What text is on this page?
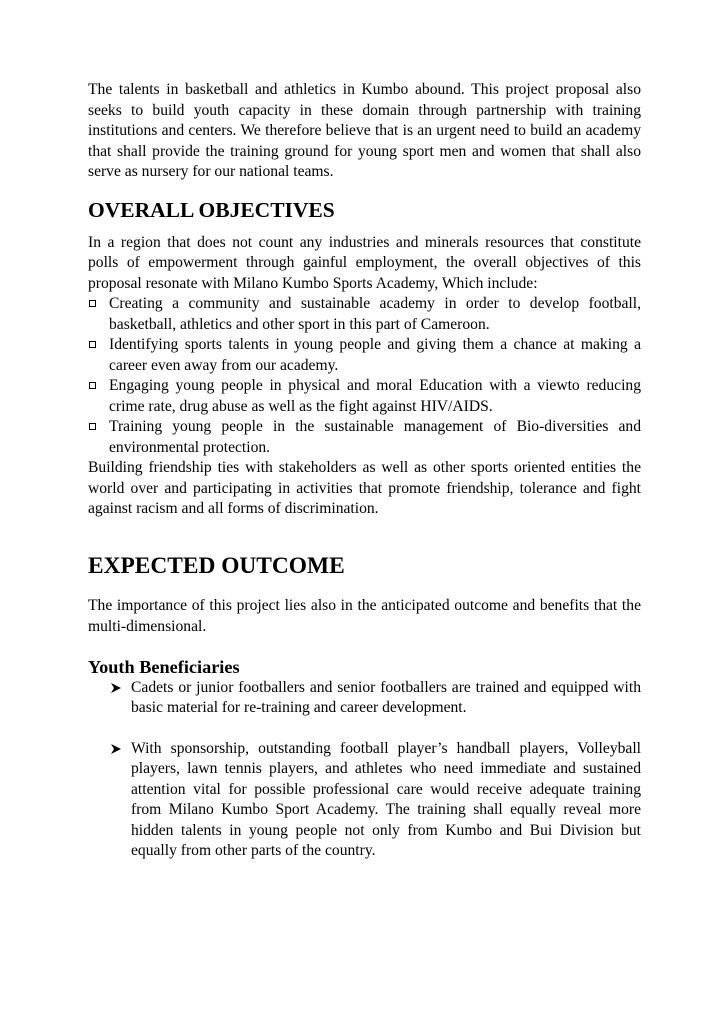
The talents in basketball and athletics in Kumbo abound. This project proposal also seeks to build youth capacity in these domain through partnership with training institutions and centers. We therefore believe that is an urgent need to build an academy that shall provide the training ground for young sport men and women that shall also serve as nursery for our national teams.

OVERALL OBJECTIVES

In a region that does not count any industries and minerals resources that constitute polls of empowerment through gainful employment, the overall objectives of this proposal resonate with Milano Kumbo Sports Academy, Which include:

Creating a community and sustainable academy in order to develop football, basketball, athletics and other sport in this part of Cameroon.
Identifying sports talents in young people and giving them a chance at making a career even away from our academy.
Engaging young people in physical and moral Education with a viewto reducing crime rate, drug abuse as well as the fight against HIV/AIDS.
Training young people in the sustainable management of Bio-diversities and environmental protection.

Building friendship ties with stakeholders as well as other sports oriented entities the world over and participating in activities that promote friendship, tolerance and fight against racism and all forms of discrimination.

EXPECTED OUTCOME

The importance of this project lies also in the anticipated outcome and benefits that the multi-dimensional.

Youth Beneficiaries
Cadets or junior footballers and senior footballers are trained and equipped with basic material for re-training and career development.
With sponsorship, outstanding football player’s handball players, Volleyball players, lawn tennis players, and athletes who need immediate and sustained attention vital for possible professional care would receive adequate training from Milano Kumbo Sport Academy. The training shall equally reveal more hidden talents in young people not only from Kumbo and Bui Division but equally from other parts of the country.
